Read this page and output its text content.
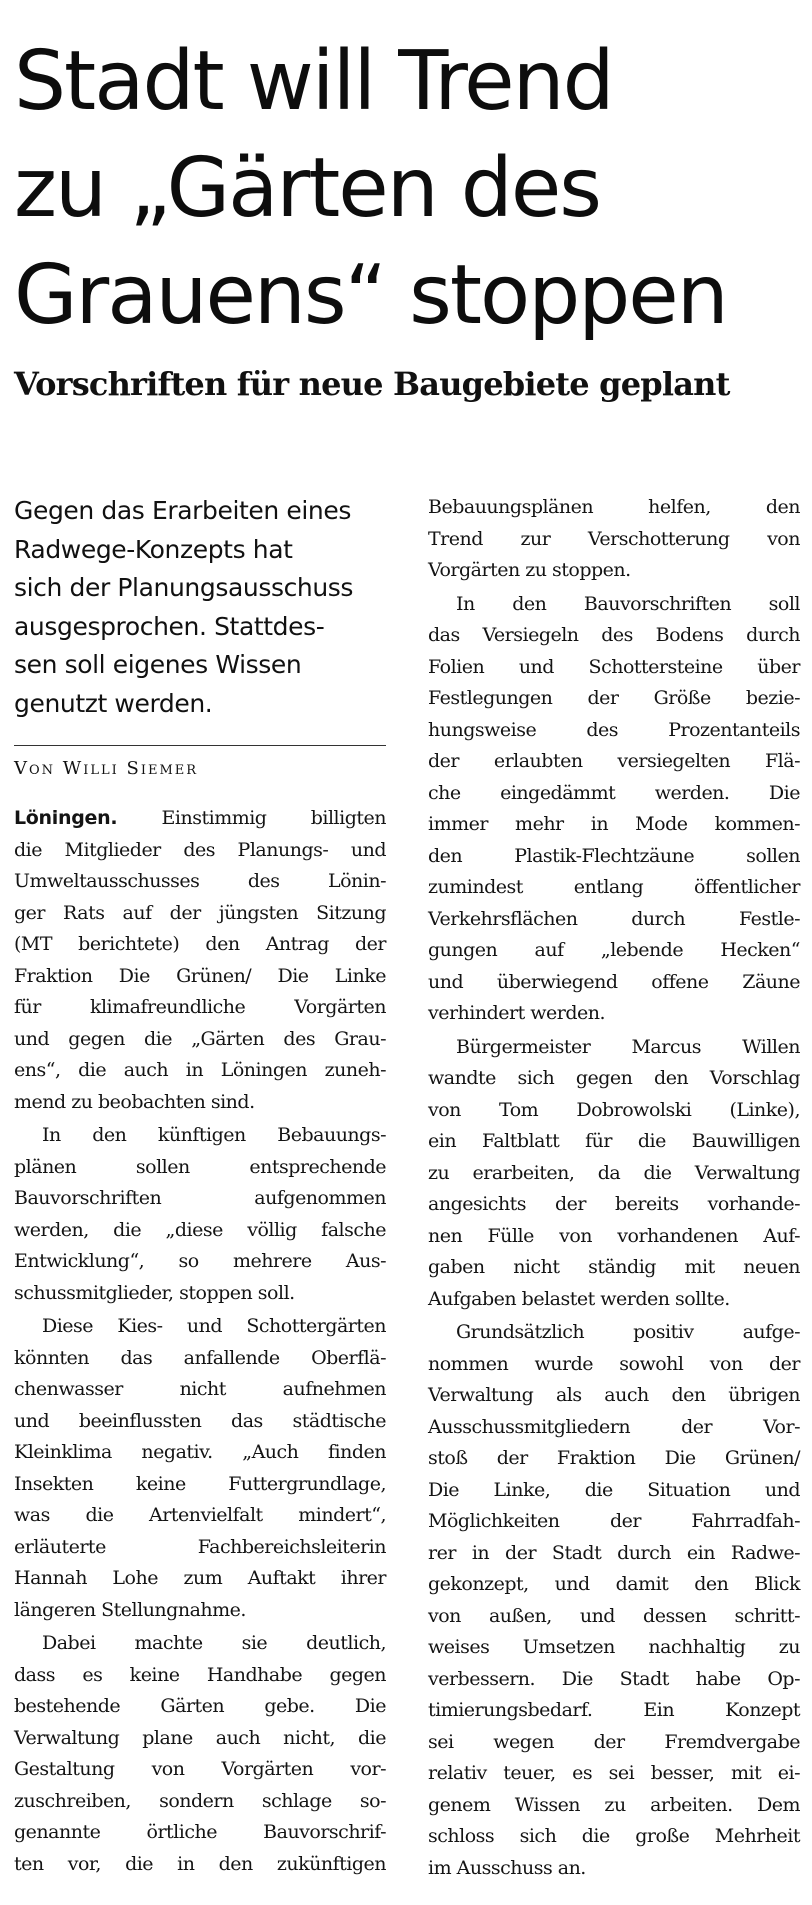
Stadt will Trend
zu „Gärten des
Grauens“ stoppen
Vorschriften für neue Baugebiete geplant

Gegen das Erarbeiten eines
Radwege-Konzepts hat
sich der Planungsausschuss
ausgesprochen. Stattdes-
sen soll eigenes Wissen
genutzt werden.

Von Willi Siemer

Löningen. Einstimmig billigten
die Mitglieder des Planungs- und
Umweltausschusses des Lönin-
ger Rats auf der jüngsten Sitzung
(MT berichtete) den Antrag der
Fraktion Die Grünen/ Die Linke
für klimafreundliche Vorgärten
und gegen die „Gärten des Grau-
ens“, die auch in Löningen zuneh-
mend zu beobachten sind.

In den künftigen Bebauungs-
plänen sollen entsprechende
Bauvorschriften aufgenommen
werden, die „diese völlig falsche
Entwicklung“, so mehrere Aus-
schussmitglieder, stoppen soll.

Diese Kies- und Schottergärten
könnten das anfallende Oberflä-
chenwasser nicht aufnehmen
und beeinflussten das städtische
Kleinklima negativ. „Auch finden
Insekten keine Futtergrundlage,
was die Artenvielfalt mindert“,
erläuterte Fachbereichsleiterin
Hannah Lohe zum Auftakt ihrer
längeren Stellungnahme.

Dabei machte sie deutlich,
dass es keine Handhabe gegen
bestehende Gärten gebe. Die
Verwaltung plane auch nicht, die
Gestaltung von Vorgärten vor-
zuschreiben, sondern schlage so-
genannte örtliche Bauvorschrif-
ten vor, die in den zukünftigen

Bebauungsplänen helfen, den
Trend zur Verschotterung von
Vorgärten zu stoppen.

In den Bauvorschriften soll
das Versiegeln des Bodens durch
Folien und Schottersteine über
Festlegungen der Größe bezie-
hungsweise des Prozentanteils
der erlaubten versiegelten Flä-
che eingedämmt werden. Die
immer mehr in Mode kommen-
den Plastik-Flechtzäune sollen
zumindest entlang öffentlicher
Verkehrsflächen durch Festle-
gungen auf „lebende Hecken“
und überwiegend offene Zäune
verhindert werden.

Bürgermeister Marcus Willen
wandte sich gegen den Vorschlag
von Tom Dobrowolski (Linke),
ein Faltblatt für die Bauwilligen
zu erarbeiten, da die Verwaltung
angesichts der bereits vorhande-
nen Fülle von vorhandenen Auf-
gaben nicht ständig mit neuen
Aufgaben belastet werden sollte.

Grundsätzlich positiv aufge-
nommen wurde sowohl von der
Verwaltung als auch den übrigen
Ausschussmitgliedern der Vor-
stoß der Fraktion Die Grünen/
Die Linke, die Situation und
Möglichkeiten der Fahrradfah-
rer in der Stadt durch ein Radwe-
gekonzept, und damit den Blick
von außen, und dessen schritt-
weises Umsetzen nachhaltig zu
verbessern. Die Stadt habe Op-
timierungsbedarf. Ein Konzept
sei wegen der Fremdvergabe
relativ teuer, es sei besser, mit ei-
genem Wissen zu arbeiten. Dem
schloss sich die große Mehrheit
im Ausschuss an.
